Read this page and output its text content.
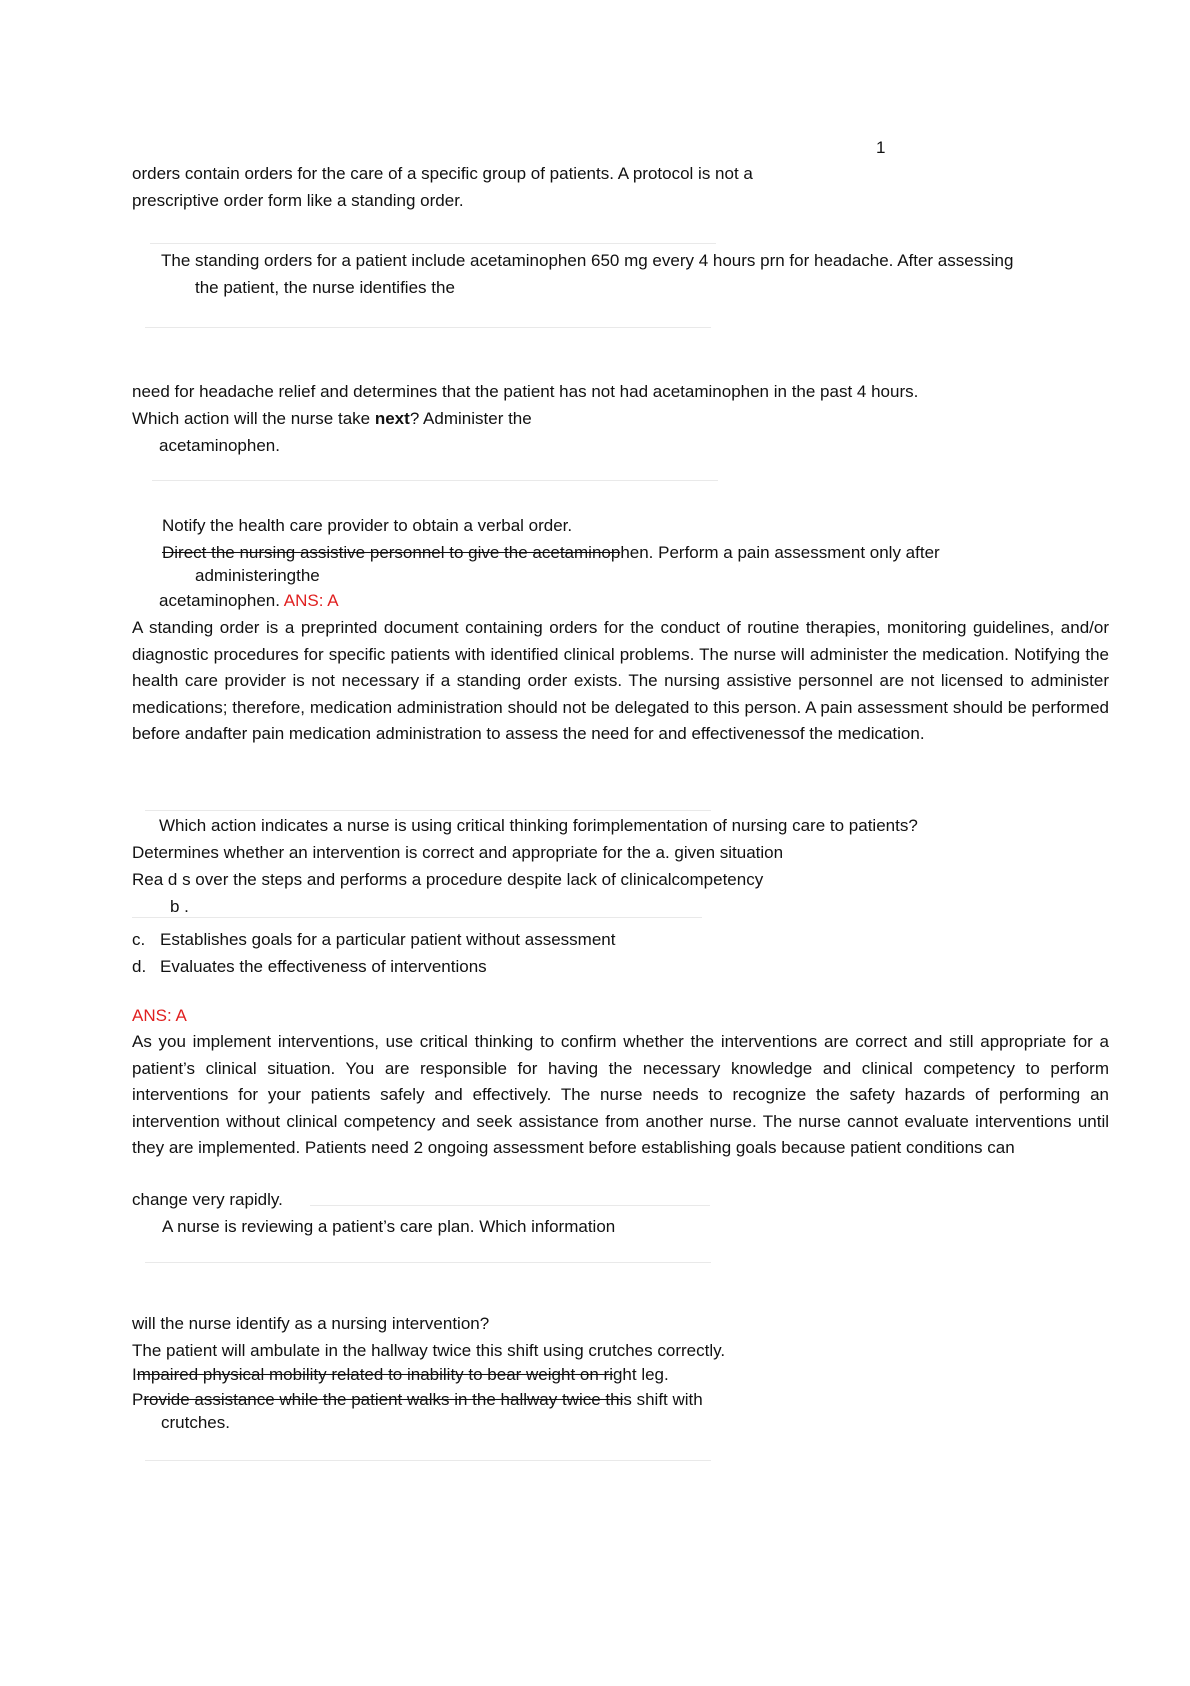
1
orders contain orders for the care of a specific group of patients. A protocol is not a
prescriptive order form like a standing order.
The standing orders for a patient include acetaminophen 650 mg every 4 hours prn for headache. After assessing
the patient, the nurse identifies the
need for headache relief and determines that the patient has not had acetaminophen in the past 4 hours.
Which action will the nurse take next? Administer the
acetaminophen.
Notify the health care provider to obtain a verbal order.
Direct the nursing assistive personnel to give the acetaminophen. Perform a pain assessment only after
administeringthe
acetaminophen. ANS: A
A standing order is a preprinted document containing orders for the conduct of routine therapies, monitoring guidelines, and/or diagnostic procedures for specific patients with identified clinical problems. The nurse will administer the medication. Notifying the health care provider is not necessary if a standing order exists. The nursing assistive personnel are not licensed to administer medications; therefore, medication administration should not be delegated to this person. A pain assessment should be performed before andafter pain medication administration to assess the need for and effectivenessof the medication.
Which action indicates a nurse is using critical thinking forimplementation of nursing care to patients?
Determines whether an intervention is correct and appropriate for the a. given situation
Rea d s over the steps and performs a procedure despite lack of clinicalcompetency
b .
c. Establishes goals for a particular patient without assessment
d. Evaluates the effectiveness of interventions
ANS: A
As you implement interventions, use critical thinking to confirm whether the interventions are correct and still appropriate for a patient’s clinical situation. You are responsible for having the necessary knowledge and clinical competency to perform interventions for your patients safely and effectively. The nurse needs to recognize the safety hazards of performing an intervention without clinical competency and seek assistance from another nurse. The nurse cannot evaluate interventions until they are implemented. Patients need 2 ongoing assessment before establishing goals because patient conditions can
change very rapidly.
A nurse is reviewing a patient’s care plan. Which information
will the nurse identify as a nursing intervention?
The patient will ambulate in the hallway twice this shift using crutches correctly.
Impaired physical mobility related to inability to bear weight on right leg.
Provide assistance while the patient walks in the hallway twice this shift with
crutches.
